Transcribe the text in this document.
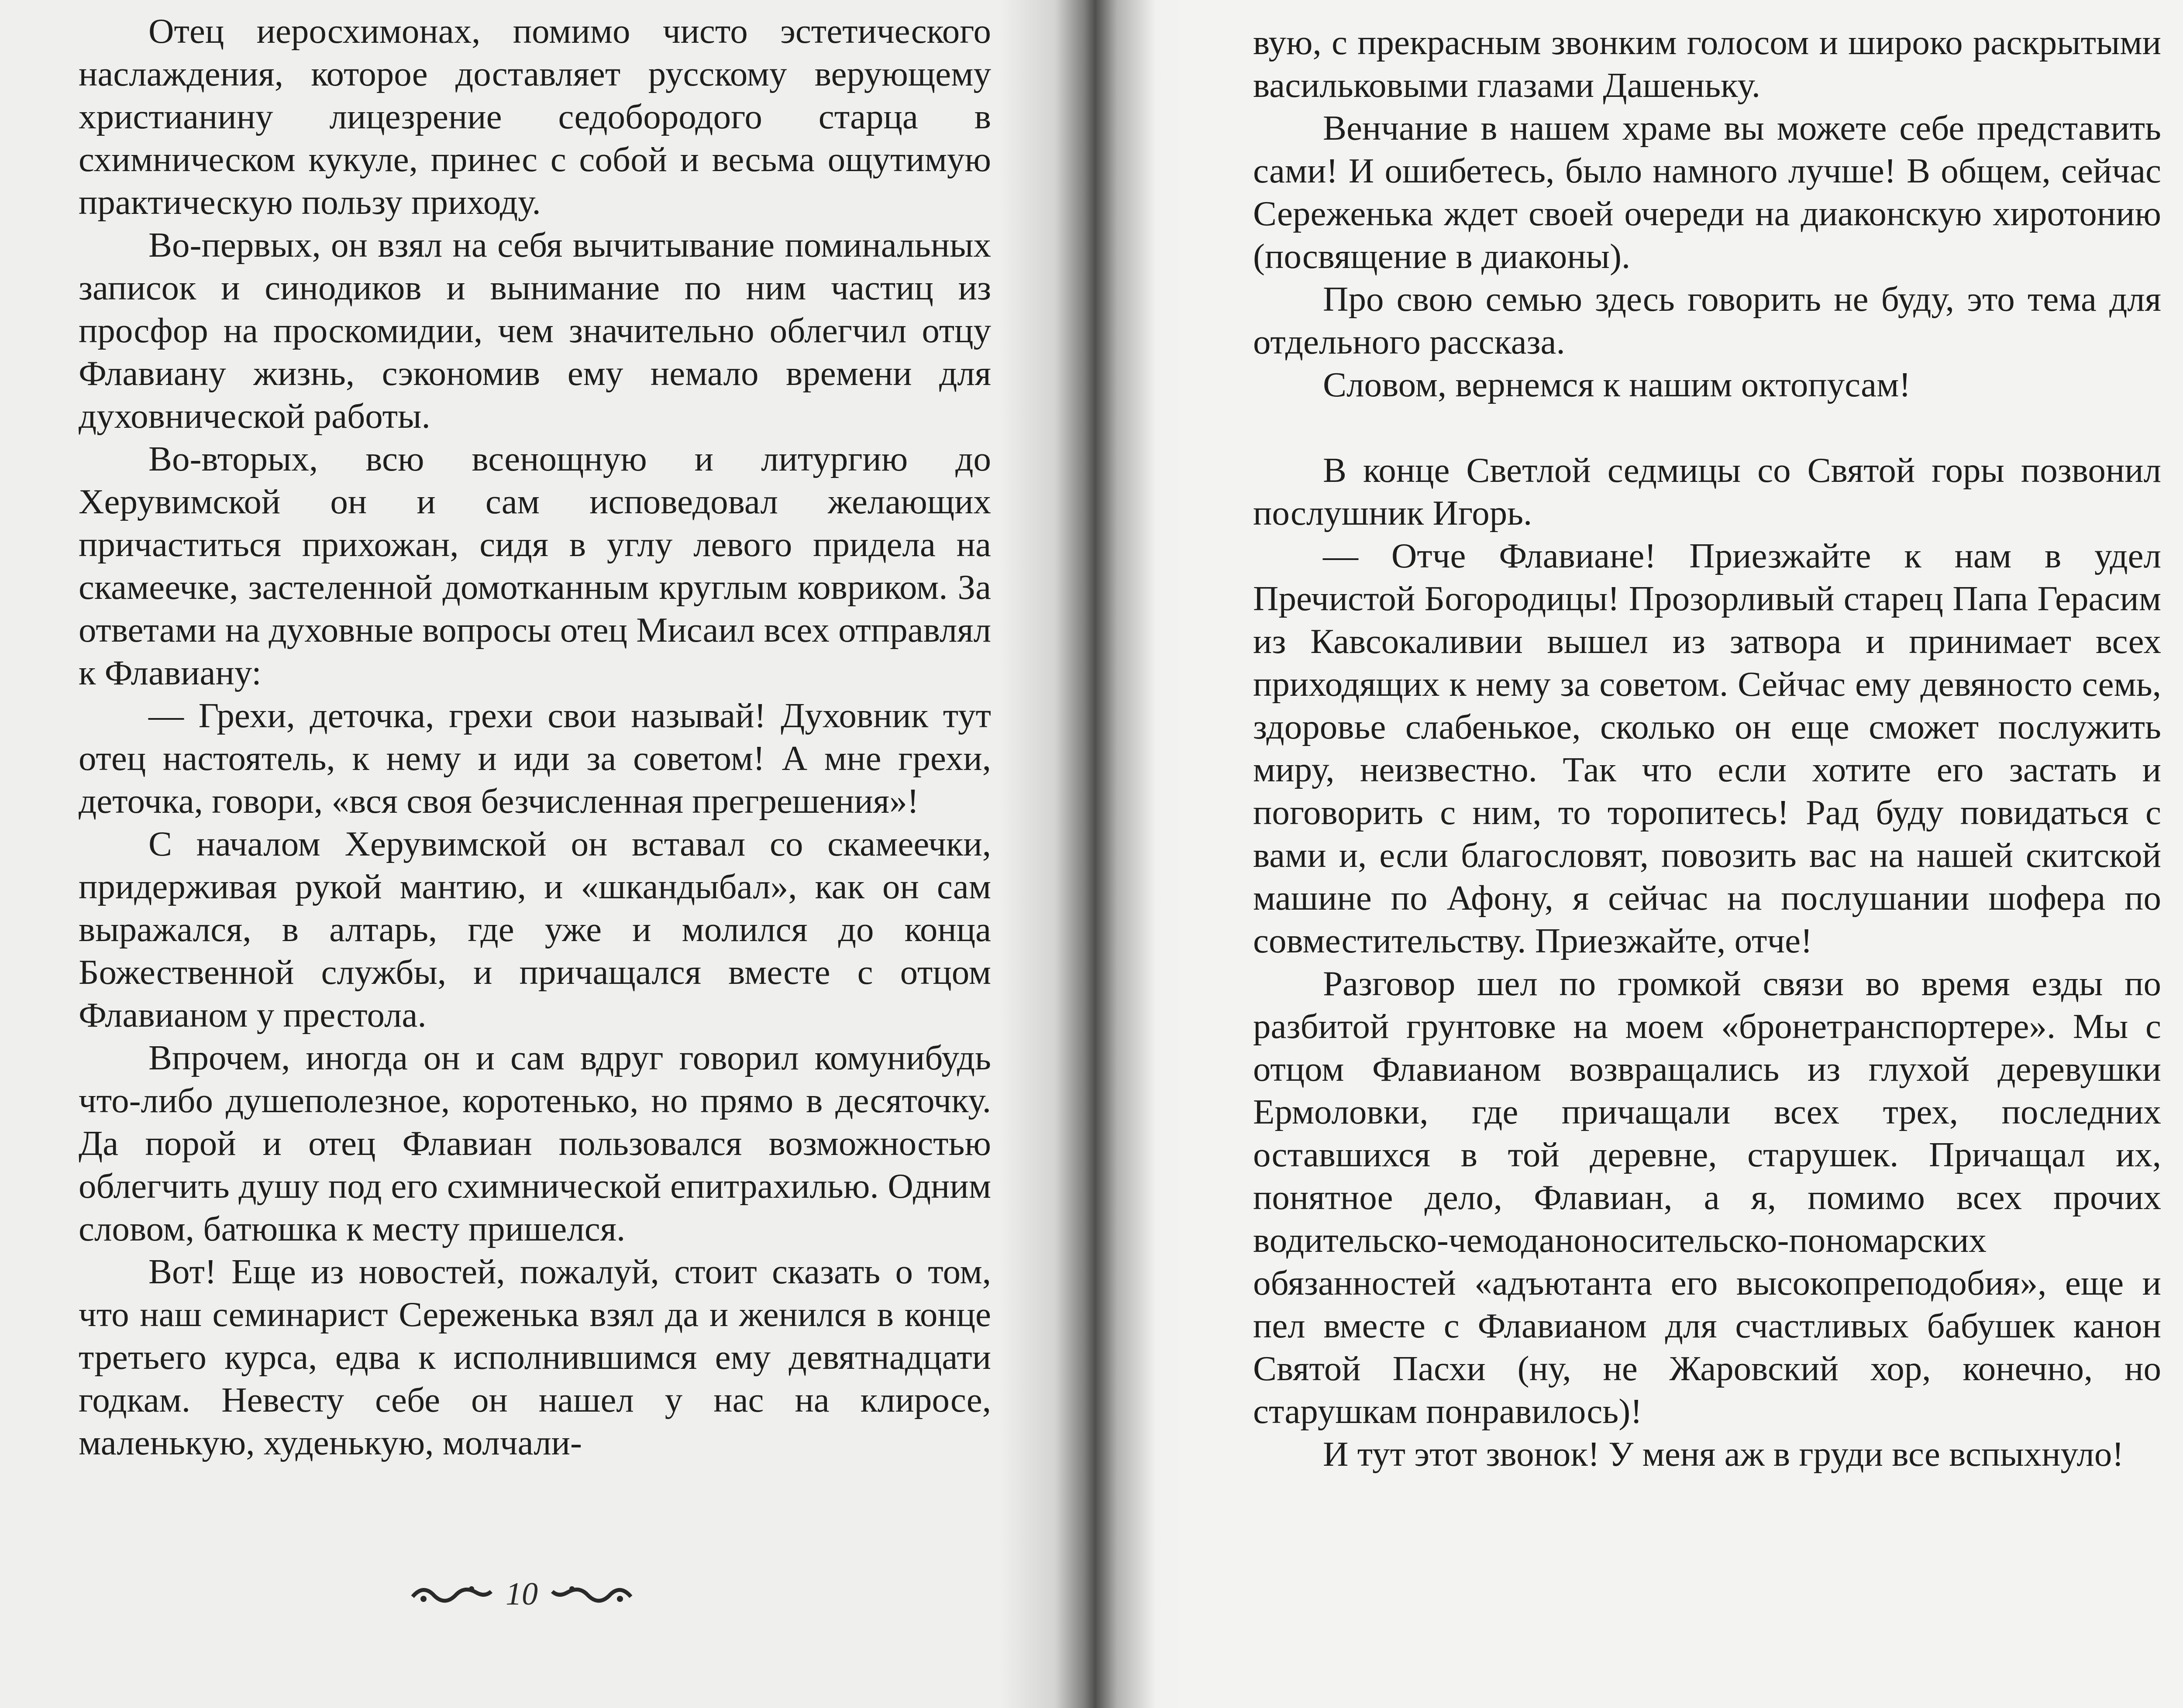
Отец иеросхимонах, помимо чисто эстетического наслаждения, которое доставляет русскому верующему христианину лицезрение седобородого старца в схимническом кукуле, принес с собой и весьма ощутимую практическую пользу приходу.

Во-первых, он взял на себя вычитывание поминальных записок и синодиков и вынимание по ним частиц из просфор на проскомидии, чем значительно облегчил отцу Флавиану жизнь, сэкономив ему немало времени для духовнической работы.

Во-вторых, всю всенощную и литургию до Херувимской он и сам исповедовал желающих причаститься прихожан, сидя в углу левого придела на скамеечке, застеленной домотканным круглым ковриком. За ответами на духовные вопросы отец Мисаил всех отправлял к Флавиану:

— Грехи, деточка, грехи свои называй! Духовник тут отец настоятель, к нему и иди за советом! А мне грехи, деточка, говори, «вся своя безчисленная прегрешения»!

С началом Херувимской он вставал со скамеечки, придерживая рукой мантию, и «шкандыбал», как он сам выражался, в алтарь, где уже и молился до конца Божественной службы, и причащался вместе с отцом Флавианом у престола.

Впрочем, иногда он и сам вдруг говорил комунибудь что-либо душеполезное, коротенько, но прямо в десяточку. Да порой и отец Флавиан пользовался возможностью облегчить душу под его схимнической епитрахилью. Одним словом, батюшка к месту пришелся.

Вот! Еще из новостей, пожалуй, стоит сказать о том, что наш семинарист Сереженька взял да и женился в конце третьего курса, едва к исполнившимся ему девятнадцати годкам. Невесту себе он нашел у нас на клиросе, маленькую, худенькую, молчали-

10

вую, с прекрасным звонким голосом и широко раскрытыми васильковыми глазами Дашеньку.

Венчание в нашем храме вы можете себе представить сами! И ошибетесь, было намного лучше! В общем, сейчас Сереженька ждет своей очереди на диаконскую хиротонию (посвящение в диаконы).

Про свою семью здесь говорить не буду, это тема для отдельного рассказа.

Словом, вернемся к нашим октопусам!

В конце Светлой седмицы со Святой горы позвонил послушник Игорь.

— Отче Флавиане! Приезжайте к нам в удел Пречистой Богородицы! Прозорливый старец Папа Герасим из Кавсокаливии вышел из затвора и принимает всех приходящих к нему за советом. Сейчас ему девяносто семь, здоровье слабенькое, сколько он еще сможет послужить миру, неизвестно. Так что если хотите его застать и поговорить с ним, то торопитесь! Рад буду повидаться с вами и, если благословят, повозить вас на нашей скитской машине по Афону, я сейчас на послушании шофера по совместительству. Приезжайте, отче!

Разговор шел по громкой связи во время езды по разбитой грунтовке на моем «бронетранспортере». Мы с отцом Флавианом возвращались из глухой деревушки Ермоловки, где причащали всех трех, последних оставшихся в той деревне, старушек. Причащал их, понятное дело, Флавиан, а я, помимо всех прочих водительско-чемоданоносительско-пономарских обязанностей «адъютанта его высокопреподобия», еще и пел вместе с Флавианом для счастливых бабушек канон Святой Пасхи (ну, не Жаровский хор, конечно, но старушкам понравилось)!

И тут этот звонок! У меня аж в груди все вспыхнуло!
